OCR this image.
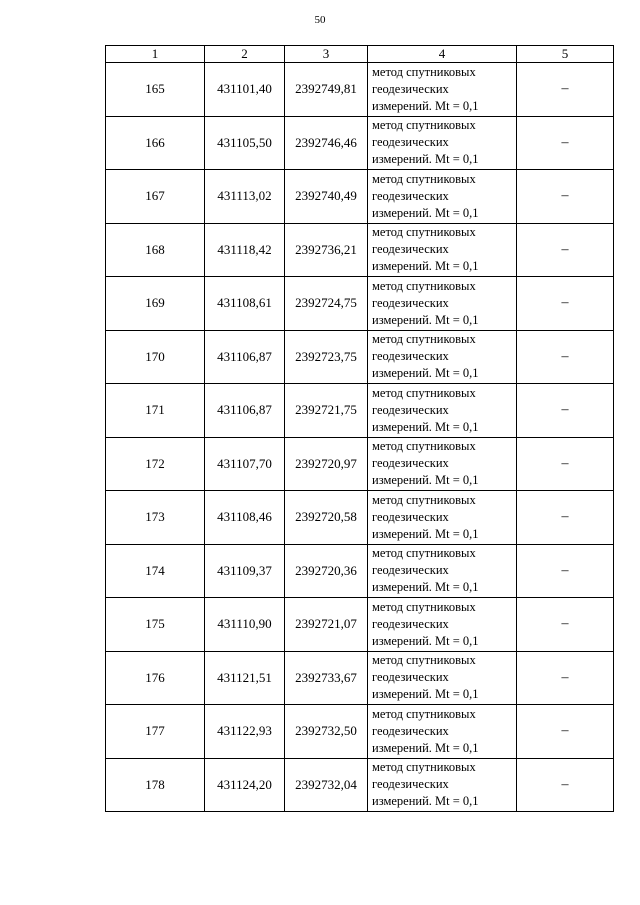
50
1	2	3	4	5
165	431101,40	2392749,81	метод спутниковых
геодезических
измерений. Mt = 0,1	–
166	431105,50	2392746,46	метод спутниковых
геодезических
измерений. Mt = 0,1	–
167	431113,02	2392740,49	метод спутниковых
геодезических
измерений. Mt = 0,1	–
168	431118,42	2392736,21	метод спутниковых
геодезических
измерений. Mt = 0,1	–
169	431108,61	2392724,75	метод спутниковых
геодезических
измерений. Mt = 0,1	–
170	431106,87	2392723,75	метод спутниковых
геодезических
измерений. Mt = 0,1	–
171	431106,87	2392721,75	метод спутниковых
геодезических
измерений. Mt = 0,1	–
172	431107,70	2392720,97	метод спутниковых
геодезических
измерений. Mt = 0,1	–
173	431108,46	2392720,58	метод спутниковых
геодезических
измерений. Mt = 0,1	–
174	431109,37	2392720,36	метод спутниковых
геодезических
измерений. Mt = 0,1	–
175	431110,90	2392721,07	метод спутниковых
геодезических
измерений. Mt = 0,1	–
176	431121,51	2392733,67	метод спутниковых
геодезических
измерений. Mt = 0,1	–
177	431122,93	2392732,50	метод спутниковых
геодезических
измерений. Mt = 0,1	–
178	431124,20	2392732,04	метод спутниковых
геодезических
измерений. Mt = 0,1	–
